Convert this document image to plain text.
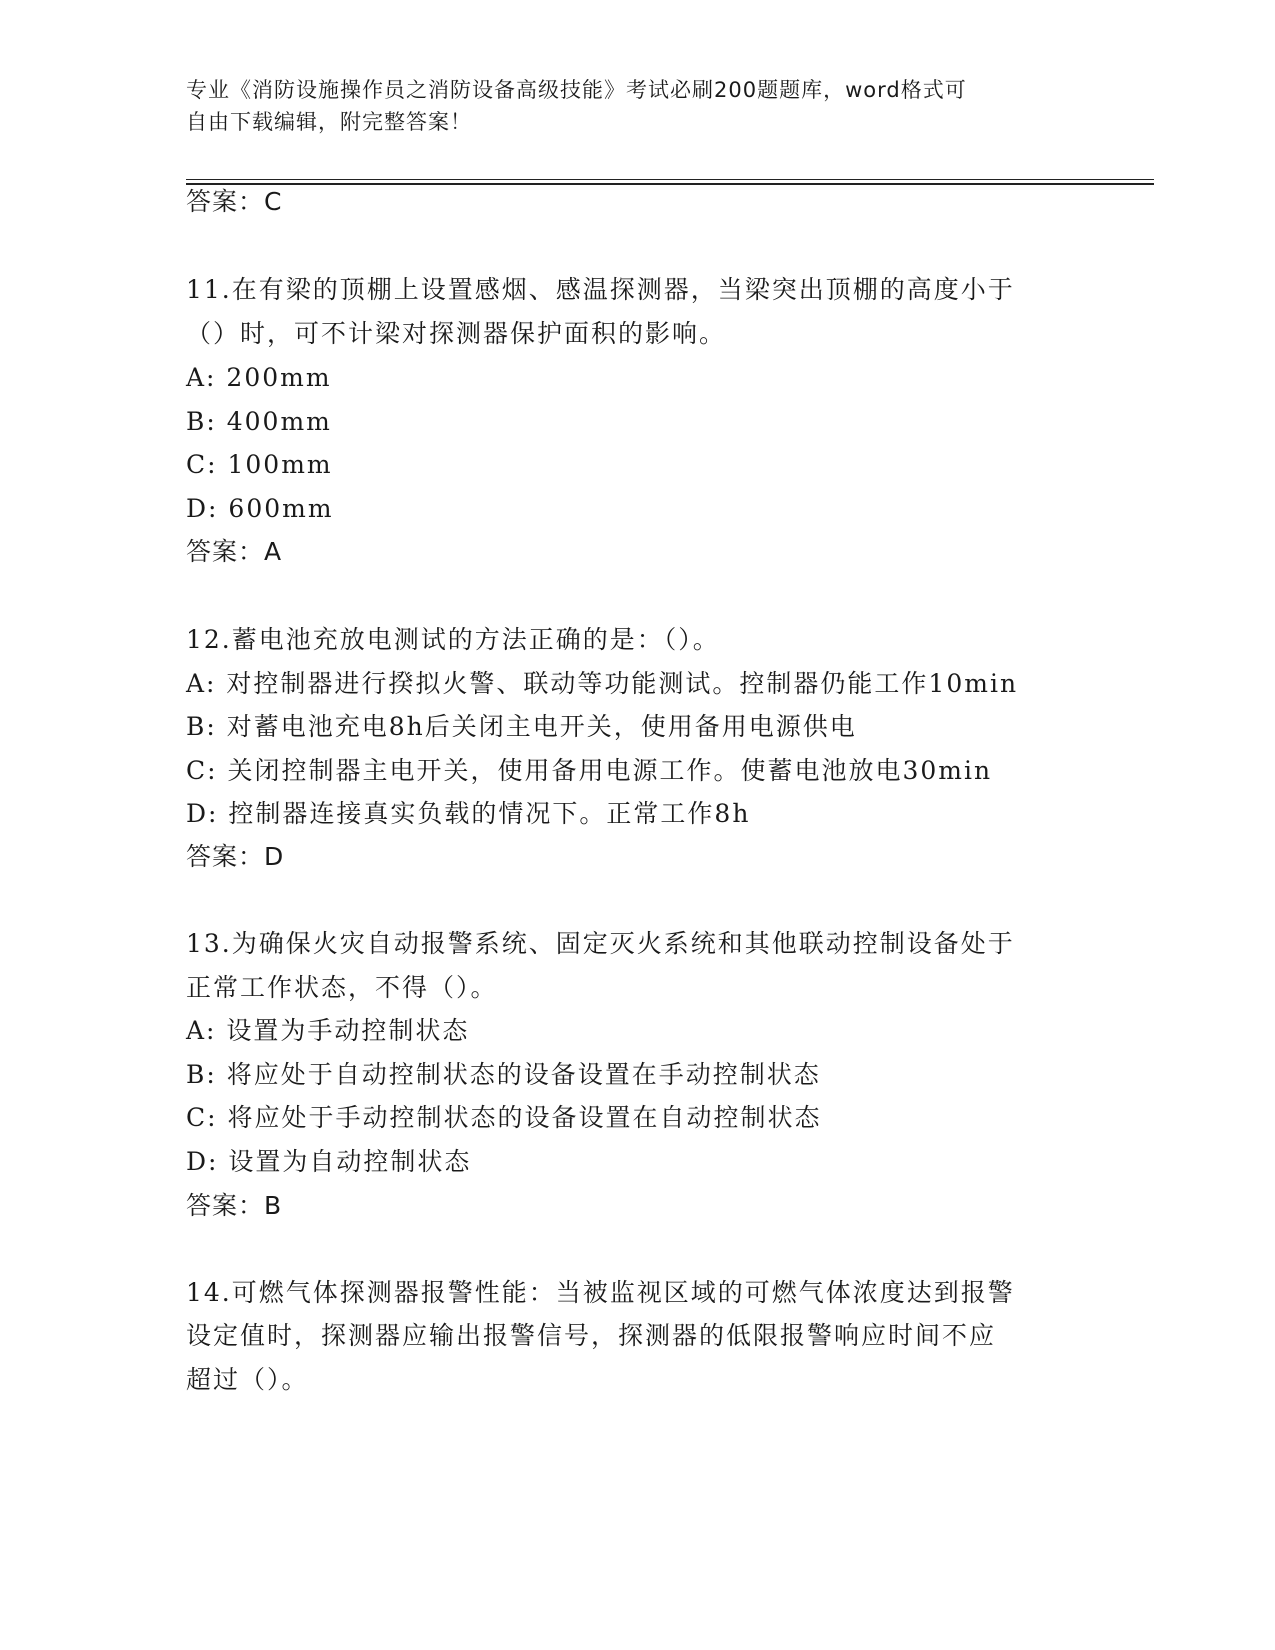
专业《消防设施操作员之消防设备高级技能》考试必刷200题题库，word格式可

自由下载编辑，附完整答案！

答案：C
11.在有梁的顶棚上设置感烟、感温探测器，当梁突出顶棚的高度小于
（）时，可不计梁对探测器保护面积的影响。
A: 200mm
B: 400mm
C: 100mm
D: 600mm
答案：A
12.蓄电池充放电测试的方法正确的是：（）。
A: 对控制器进行揆拟火警、联动等功能测试。控制器仍能工作10min
B: 对蓄电池充电8h后关闭主电开关，使用备用电源供电
C: 关闭控制器主电开关，使用备用电源工作。使蓄电池放电30min
D: 控制器连接真实负载的情况下。正常工作8h
答案：D
13.为确保火灾自动报警系统、固定灭火系统和其他联动控制设备处于
正常工作状态，不得（）。
A: 设置为手动控制状态
B: 将应处于自动控制状态的设备设置在手动控制状态
C: 将应处于手动控制状态的设备设置在自动控制状态
D: 设置为自动控制状态
答案：B
14.可燃气体探测器报警性能：当被监视区域的可燃气体浓度达到报警
设定值时，探测器应输出报警信号，探测器的低限报警响应时间不应
超过（）。
